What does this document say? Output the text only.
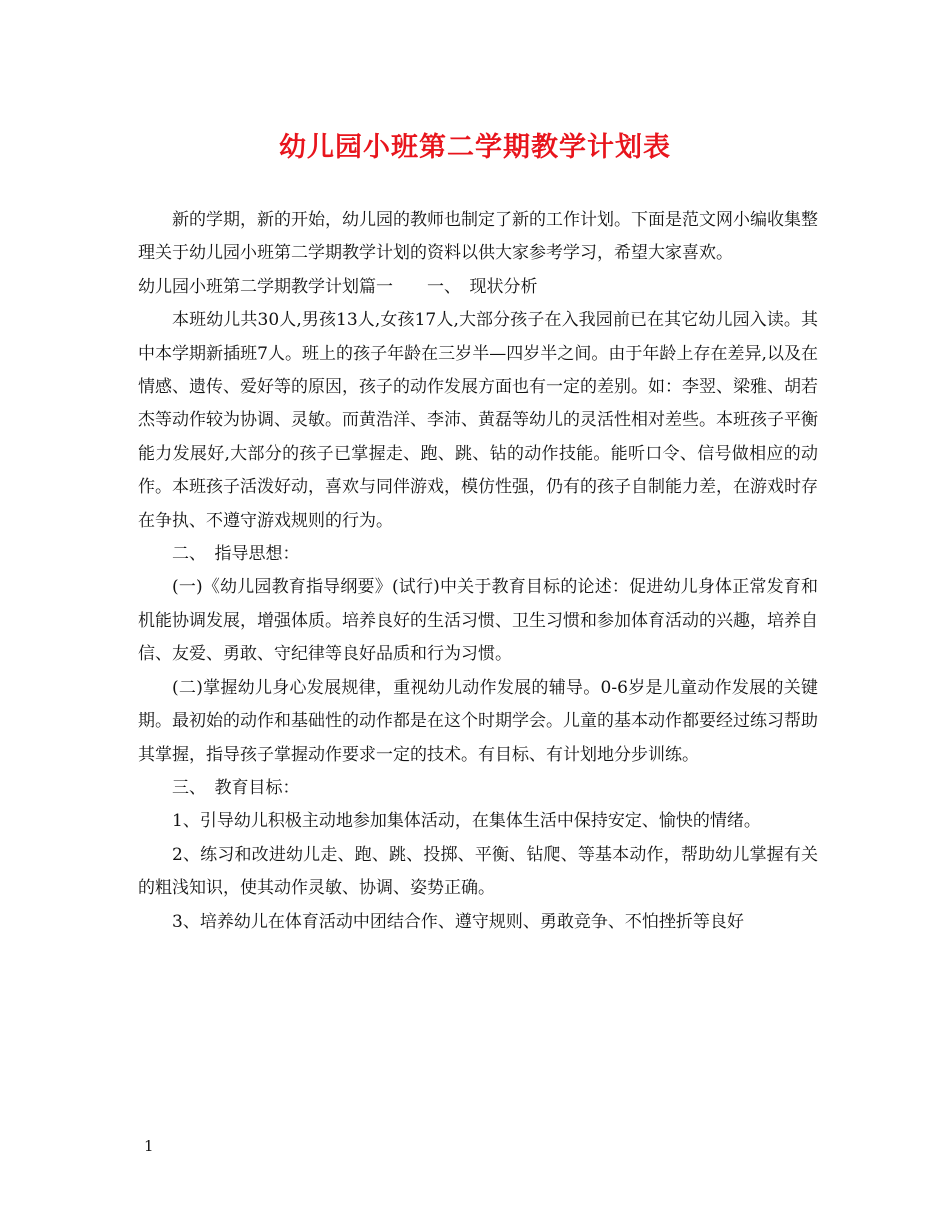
幼儿园小班第二学期教学计划表

新的学期，新的开始，幼儿园的教师也制定了新的工作计划。下面是范文网小编收集整理关于幼儿园小班第二学期教学计划的资料以供大家参考学习，希望大家喜欢。

幼儿园小班第二学期教学计划篇一　　一、　现状分析

本班幼儿共30人,男孩13人,女孩17人,大部分孩子在入我园前已在其它幼儿园入读。其中本学期新插班7人。班上的孩子年龄在三岁半—四岁半之间。由于年龄上存在差异,以及在情感、遗传、爱好等的原因，孩子的动作发展方面也有一定的差别。如：李翌、梁雅、胡若杰等动作较为协调、灵敏。而黄浩洋、李沛、黄磊等幼儿的灵活性相对差些。本班孩子平衡能力发展好,大部分的孩子已掌握走、跑、跳、钻的动作技能。能听口令、信号做相应的动作。本班孩子活泼好动，喜欢与同伴游戏，模仿性强，仍有的孩子自制能力差，在游戏时存在争执、不遵守游戏规则的行为。

二、　指导思想：

(一)《幼儿园教育指导纲要》(试行)中关于教育目标的论述：促进幼儿身体正常发育和机能协调发展，增强体质。培养良好的生活习惯、卫生习惯和参加体育活动的兴趣，培养自信、友爱、勇敢、守纪律等良好品质和行为习惯。

(二)掌握幼儿身心发展规律，重视幼儿动作发展的辅导。0-6岁是儿童动作发展的关键期。最初始的动作和基础性的动作都是在这个时期学会。儿童的基本动作都要经过练习帮助其掌握，指导孩子掌握动作要求一定的技术。有目标、有计划地分步训练。

三、　教育目标：

1、引导幼儿积极主动地参加集体活动，在集体生活中保持安定、愉快的情绪。

2、练习和改进幼儿走、跑、跳、投掷、平衡、钻爬、等基本动作，帮助幼儿掌握有关的粗浅知识，使其动作灵敏、协调、姿势正确。

3、培养幼儿在体育活动中团结合作、遵守规则、勇敢竞争、不怕挫折等良好

1
